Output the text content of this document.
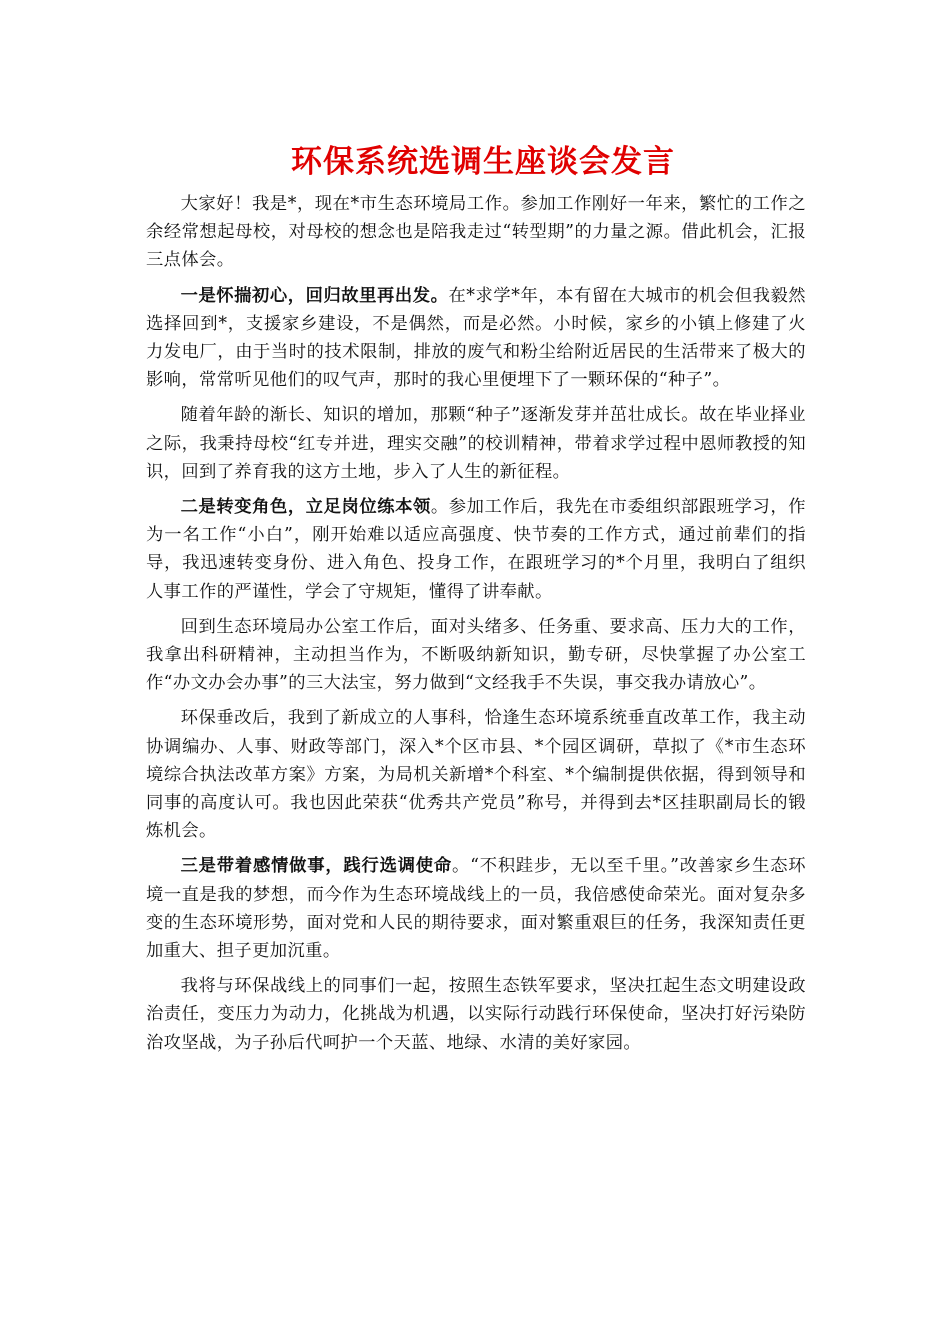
环保系统选调生座谈会发言

大家好！我是*，现在*市生态环境局工作。参加工作刚好一年来，繁忙的工作之余经常想起母校，对母校的想念也是陪我走过“转型期”的力量之源。借此机会，汇报三点体会。

一是怀揣初心，回归故里再出发。在*求学*年，本有留在大城市的机会但我毅然选择回到*，支援家乡建设，不是偶然，而是必然。小时候，家乡的小镇上修建了火力发电厂，由于当时的技术限制，排放的废气和粉尘给附近居民的生活带来了极大的影响，常常听见他们的叹气声，那时的我心里便埋下了一颗环保的“种子”。

随着年龄的渐长、知识的增加，那颗“种子”逐渐发芽并茁壮成长。故在毕业择业之际，我秉持母校“红专并进，理实交融”的校训精神，带着求学过程中恩师教授的知识，回到了养育我的这方土地，步入了人生的新征程。

二是转变角色，立足岗位练本领。参加工作后，我先在市委组织部跟班学习，作为一名工作“小白”，刚开始难以适应高强度、快节奏的工作方式，通过前辈们的指导，我迅速转变身份、进入角色、投身工作，在跟班学习的*个月里，我明白了组织人事工作的严谨性，学会了守规矩，懂得了讲奉献。

回到生态环境局办公室工作后，面对头绪多、任务重、要求高、压力大的工作，我拿出科研精神，主动担当作为，不断吸纳新知识，勤专研，尽快掌握了办公室工作“办文办会办事”的三大法宝，努力做到“文经我手不失误，事交我办请放心”。

环保垂改后，我到了新成立的人事科，恰逢生态环境系统垂直改革工作，我主动协调编办、人事、财政等部门，深入*个区市县、*个园区调研，草拟了《*市生态环境综合执法改革方案》方案，为局机关新增*个科室、*个编制提供依据，得到领导和同事的高度认可。我也因此荣获“优秀共产党员”称号，并得到去*区挂职副局长的锻炼机会。

三是带着感情做事，践行选调使命。“不积跬步，无以至千里。”改善家乡生态环境一直是我的梦想，而今作为生态环境战线上的一员，我倍感使命荣光。面对复杂多变的生态环境形势，面对党和人民的期待要求，面对繁重艰巨的任务，我深知责任更加重大、担子更加沉重。

我将与环保战线上的同事们一起，按照生态铁军要求，坚决扛起生态文明建设政治责任，变压力为动力，化挑战为机遇，以实际行动践行环保使命，坚决打好污染防治攻坚战，为子孙后代呵护一个天蓝、地绿、水清的美好家园。
